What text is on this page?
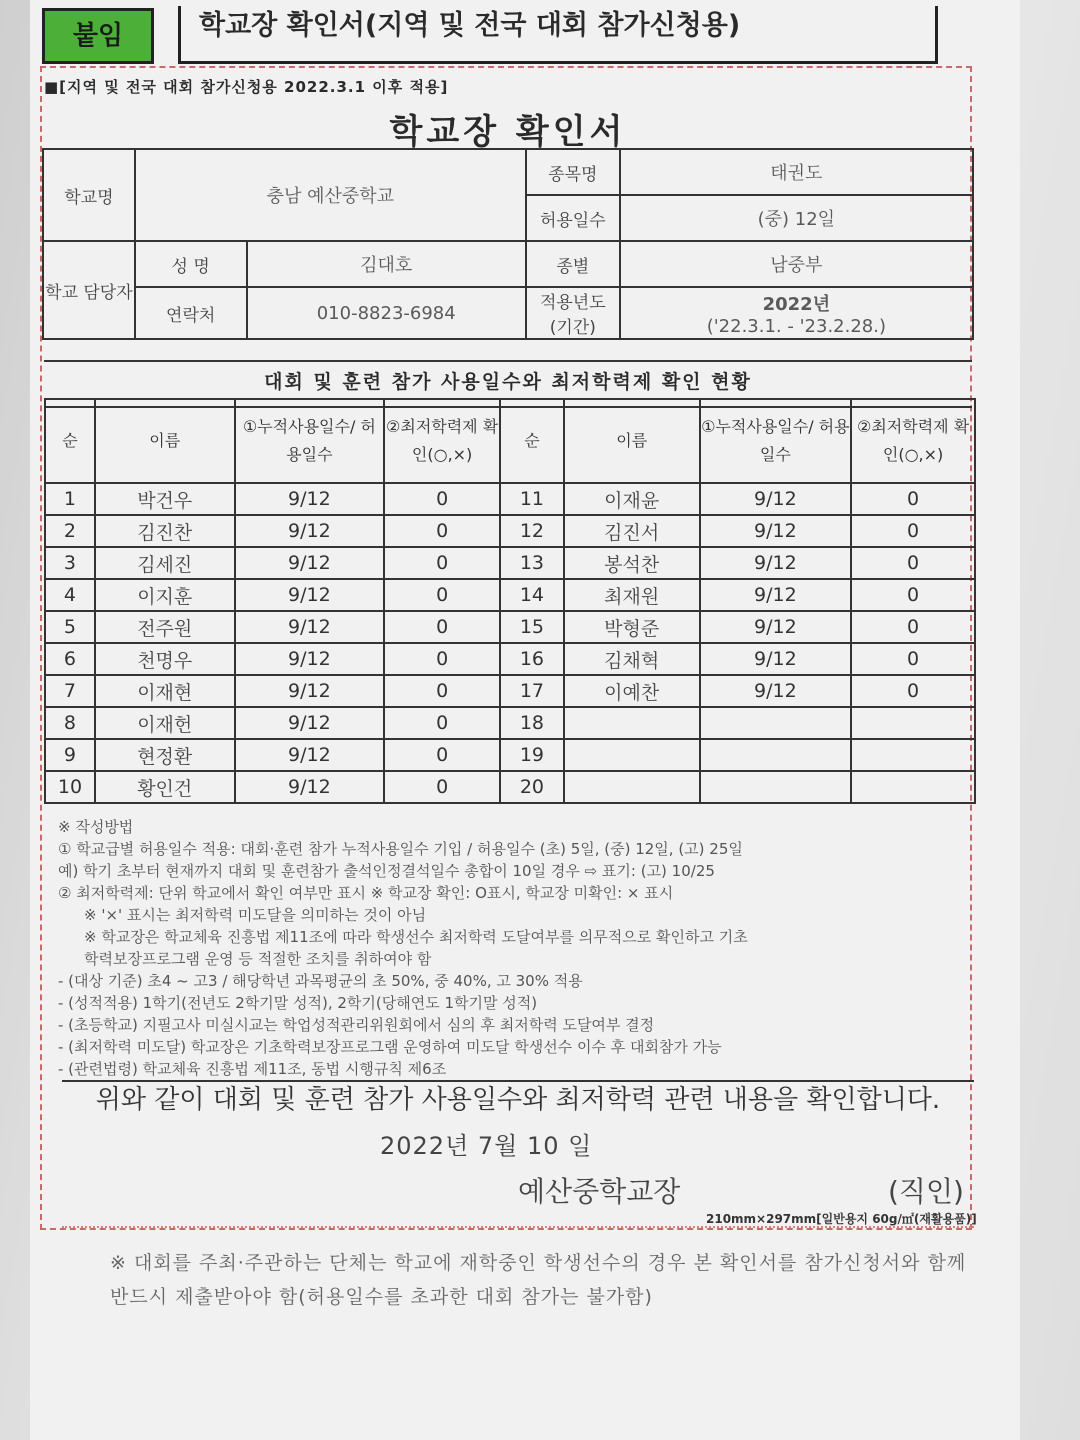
붙임	학교장 확인서(지역 및 전국 대회 참가신청용)
■[지역 및 전국 대회 참가신청용 2022.3.1 이후 적용]
학교장 확인서
학교명	충남 예산중학교		종목명	태권도
			허용일수	(중) 12일
학교 담당자	성 명	김대호	종별	남중부
	연락처	010-8823-6984	적용년도 (기간)	2022년
('22.3.1. - '23.2.28.)
대회 및 훈련 참가 사용일수와 최저학력제 확인 현황
순	이름	①누적사용일수/ 허용일수	②최저학력제 확인(○,×)	순	이름	①누적사용일수/ 허용일수	②최저학력제 확인(○,×)
1	박건우	9/12	0	11	이재윤	9/12	0
2	김진찬	9/12	0	12	김진서	9/12	0
3	김세진	9/12	0	13	봉석찬	9/12	0
4	이지훈	9/12	0	14	최재원	9/12	0
5	전주원	9/12	0	15	박형준	9/12	0
6	천명우	9/12	0	16	김채혁	9/12	0
7	이재현	9/12	0	17	이예찬	9/12	0
8	이재헌	9/12	0	18			
9	현정환	9/12	0	19			
10	황인건	9/12	0	20			
※ 작성방법
① 학교급별 허용일수 적용: 대회·훈련 참가 누적사용일수 기입 / 허용일수 (초) 5일, (중) 12일, (고) 25일
예) 학기 초부터 현재까지 대회 및 훈련참가 출석인정결석일수 총합이 10일 경우 ⇨ 표기: (고) 10/25
② 최저학력제: 단위 학교에서 확인 여부만 표시 ※ 학교장 확인: O표시, 학교장 미확인: × 표시
※ '×' 표시는 최저학력 미도달을 의미하는 것이 아님
※ 학교장은 학교체육 진흥법 제11조에 따라 학생선수 최저학력 도달여부를 의무적으로 확인하고 기초
학력보장프로그램 운영 등 적절한 조치를 취하여야 함
- (대상 기준) 초4 ~ 고3 / 해당학년 과목평균의 초 50%, 중 40%, 고 30% 적용
- (성적적용) 1학기(전년도 2학기말 성적), 2학기(당해연도 1학기말 성적)
- (초등학교) 지필고사 미실시교는 학업성적관리위원회에서 심의 후 최저학력 도달여부 결정
- (최저학력 미도달) 학교장은 기초학력보장프로그램 운영하여 미도달 학생선수 이수 후 대회참가 가능
- (관련법령) 학교체육 진흥법 제11조, 동법 시행규칙 제6조
위와 같이 대회 및 훈련 참가 사용일수와 최저학력 관련 내용을 확인합니다.
2022년 7월 10 일
예산중학교장	(직인)
210mm×297mm[일반용지 60g/㎡(재활용품)]
※ 대회를 주최·주관하는 단체는 학교에 재학중인 학생선수의 경우 본 확인서를 참가신청서와 함께 반드시 제출받아야 함(허용일수를 초과한 대회 참가는 불가함)
